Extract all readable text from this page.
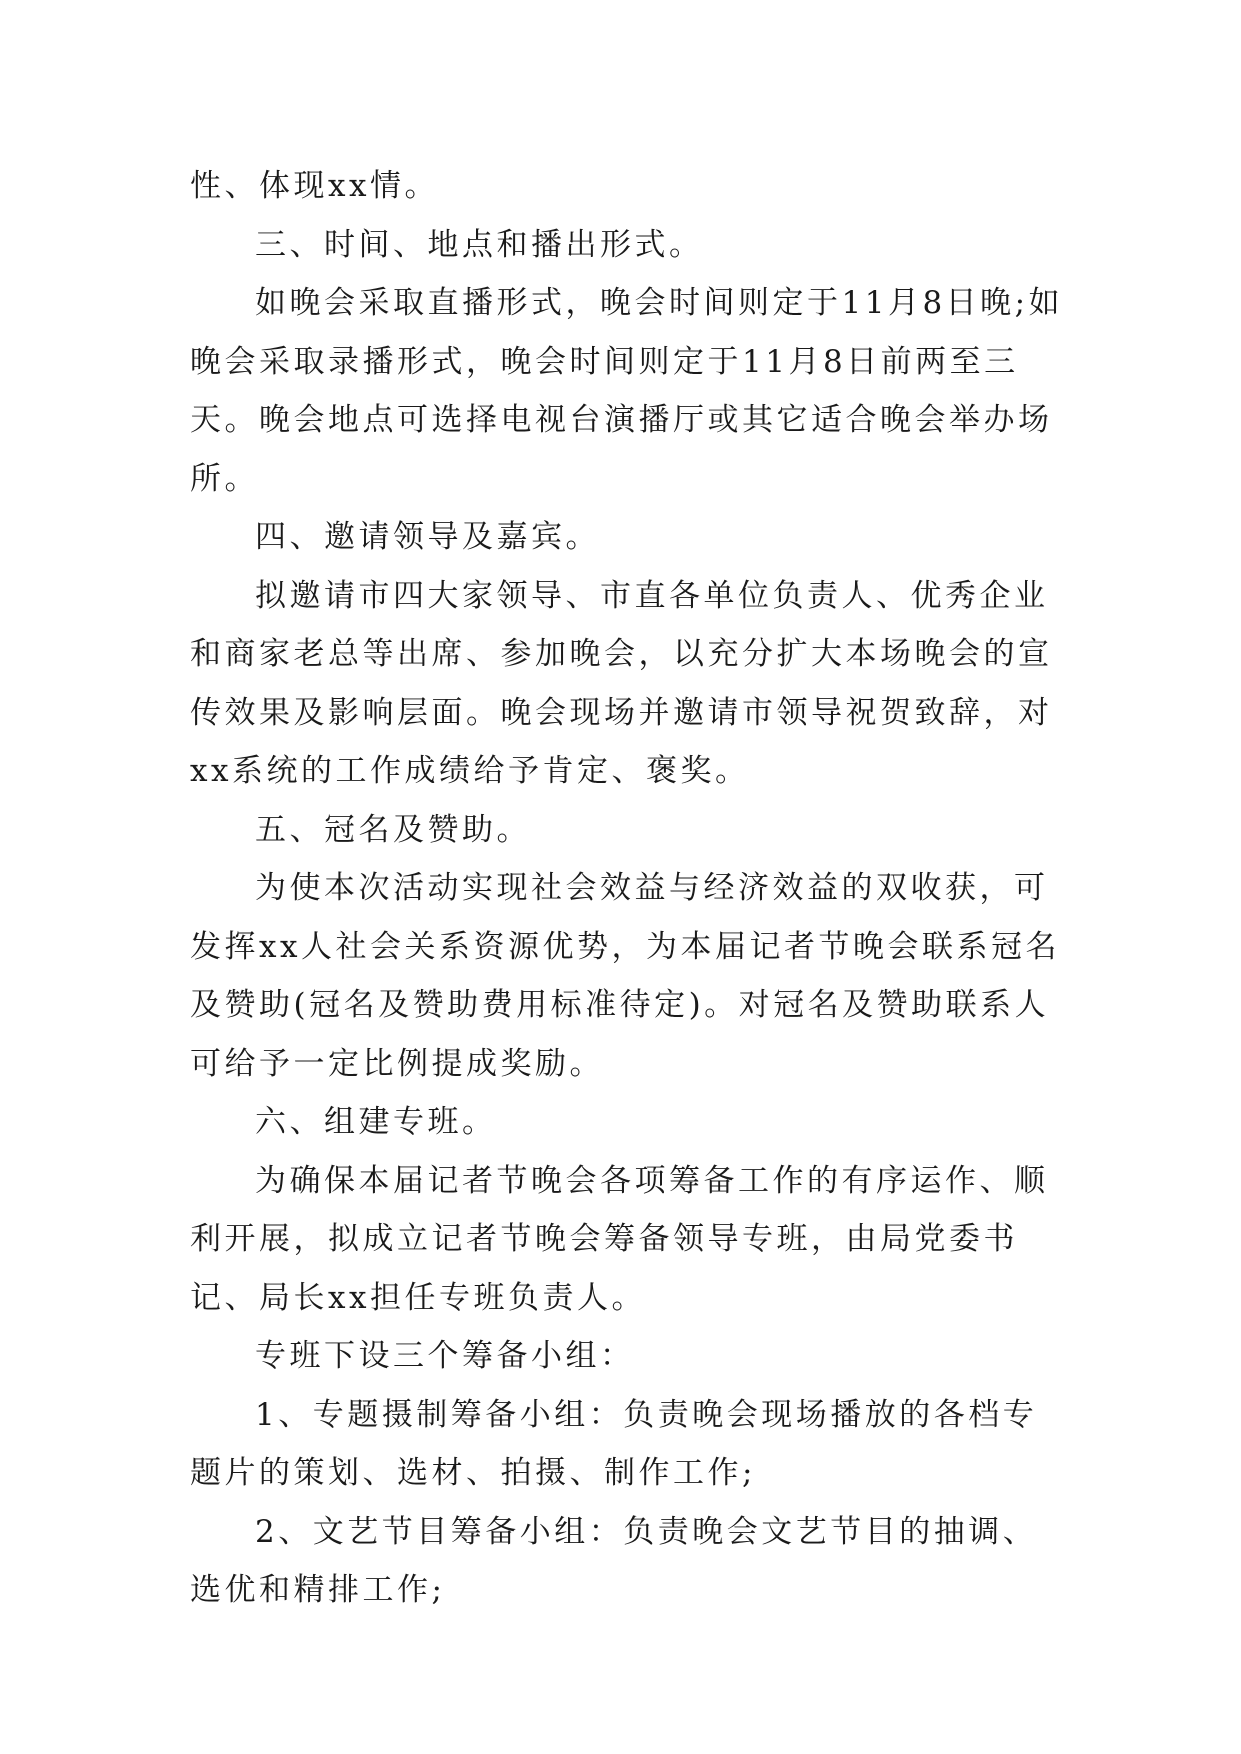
性、体现xx情。

三、时间、地点和播出形式。

如晚会采取直播形式，晚会时间则定于11月8日晚;如晚会采取录播形式，晚会时间则定于11月8日前两至三天。晚会地点可选择电视台演播厅或其它适合晚会举办场所。

四、邀请领导及嘉宾。

拟邀请市四大家领导、市直各单位负责人、优秀企业和商家老总等出席、参加晚会，以充分扩大本场晚会的宣传效果及影响层面。晚会现场并邀请市领导祝贺致辞，对xx系统的工作成绩给予肯定、褒奖。

五、冠名及赞助。

为使本次活动实现社会效益与经济效益的双收获，可发挥xx人社会关系资源优势，为本届记者节晚会联系冠名及赞助(冠名及赞助费用标准待定)。对冠名及赞助联系人可给予一定比例提成奖励。

六、组建专班。

为确保本届记者节晚会各项筹备工作的有序运作、顺利开展，拟成立记者节晚会筹备领导专班，由局党委书记、局长xx担任专班负责人。

专班下设三个筹备小组：

1、专题摄制筹备小组：负责晚会现场播放的各档专题片的策划、选材、拍摄、制作工作;

2、文艺节目筹备小组：负责晚会文艺节目的抽调、选优和精排工作;
